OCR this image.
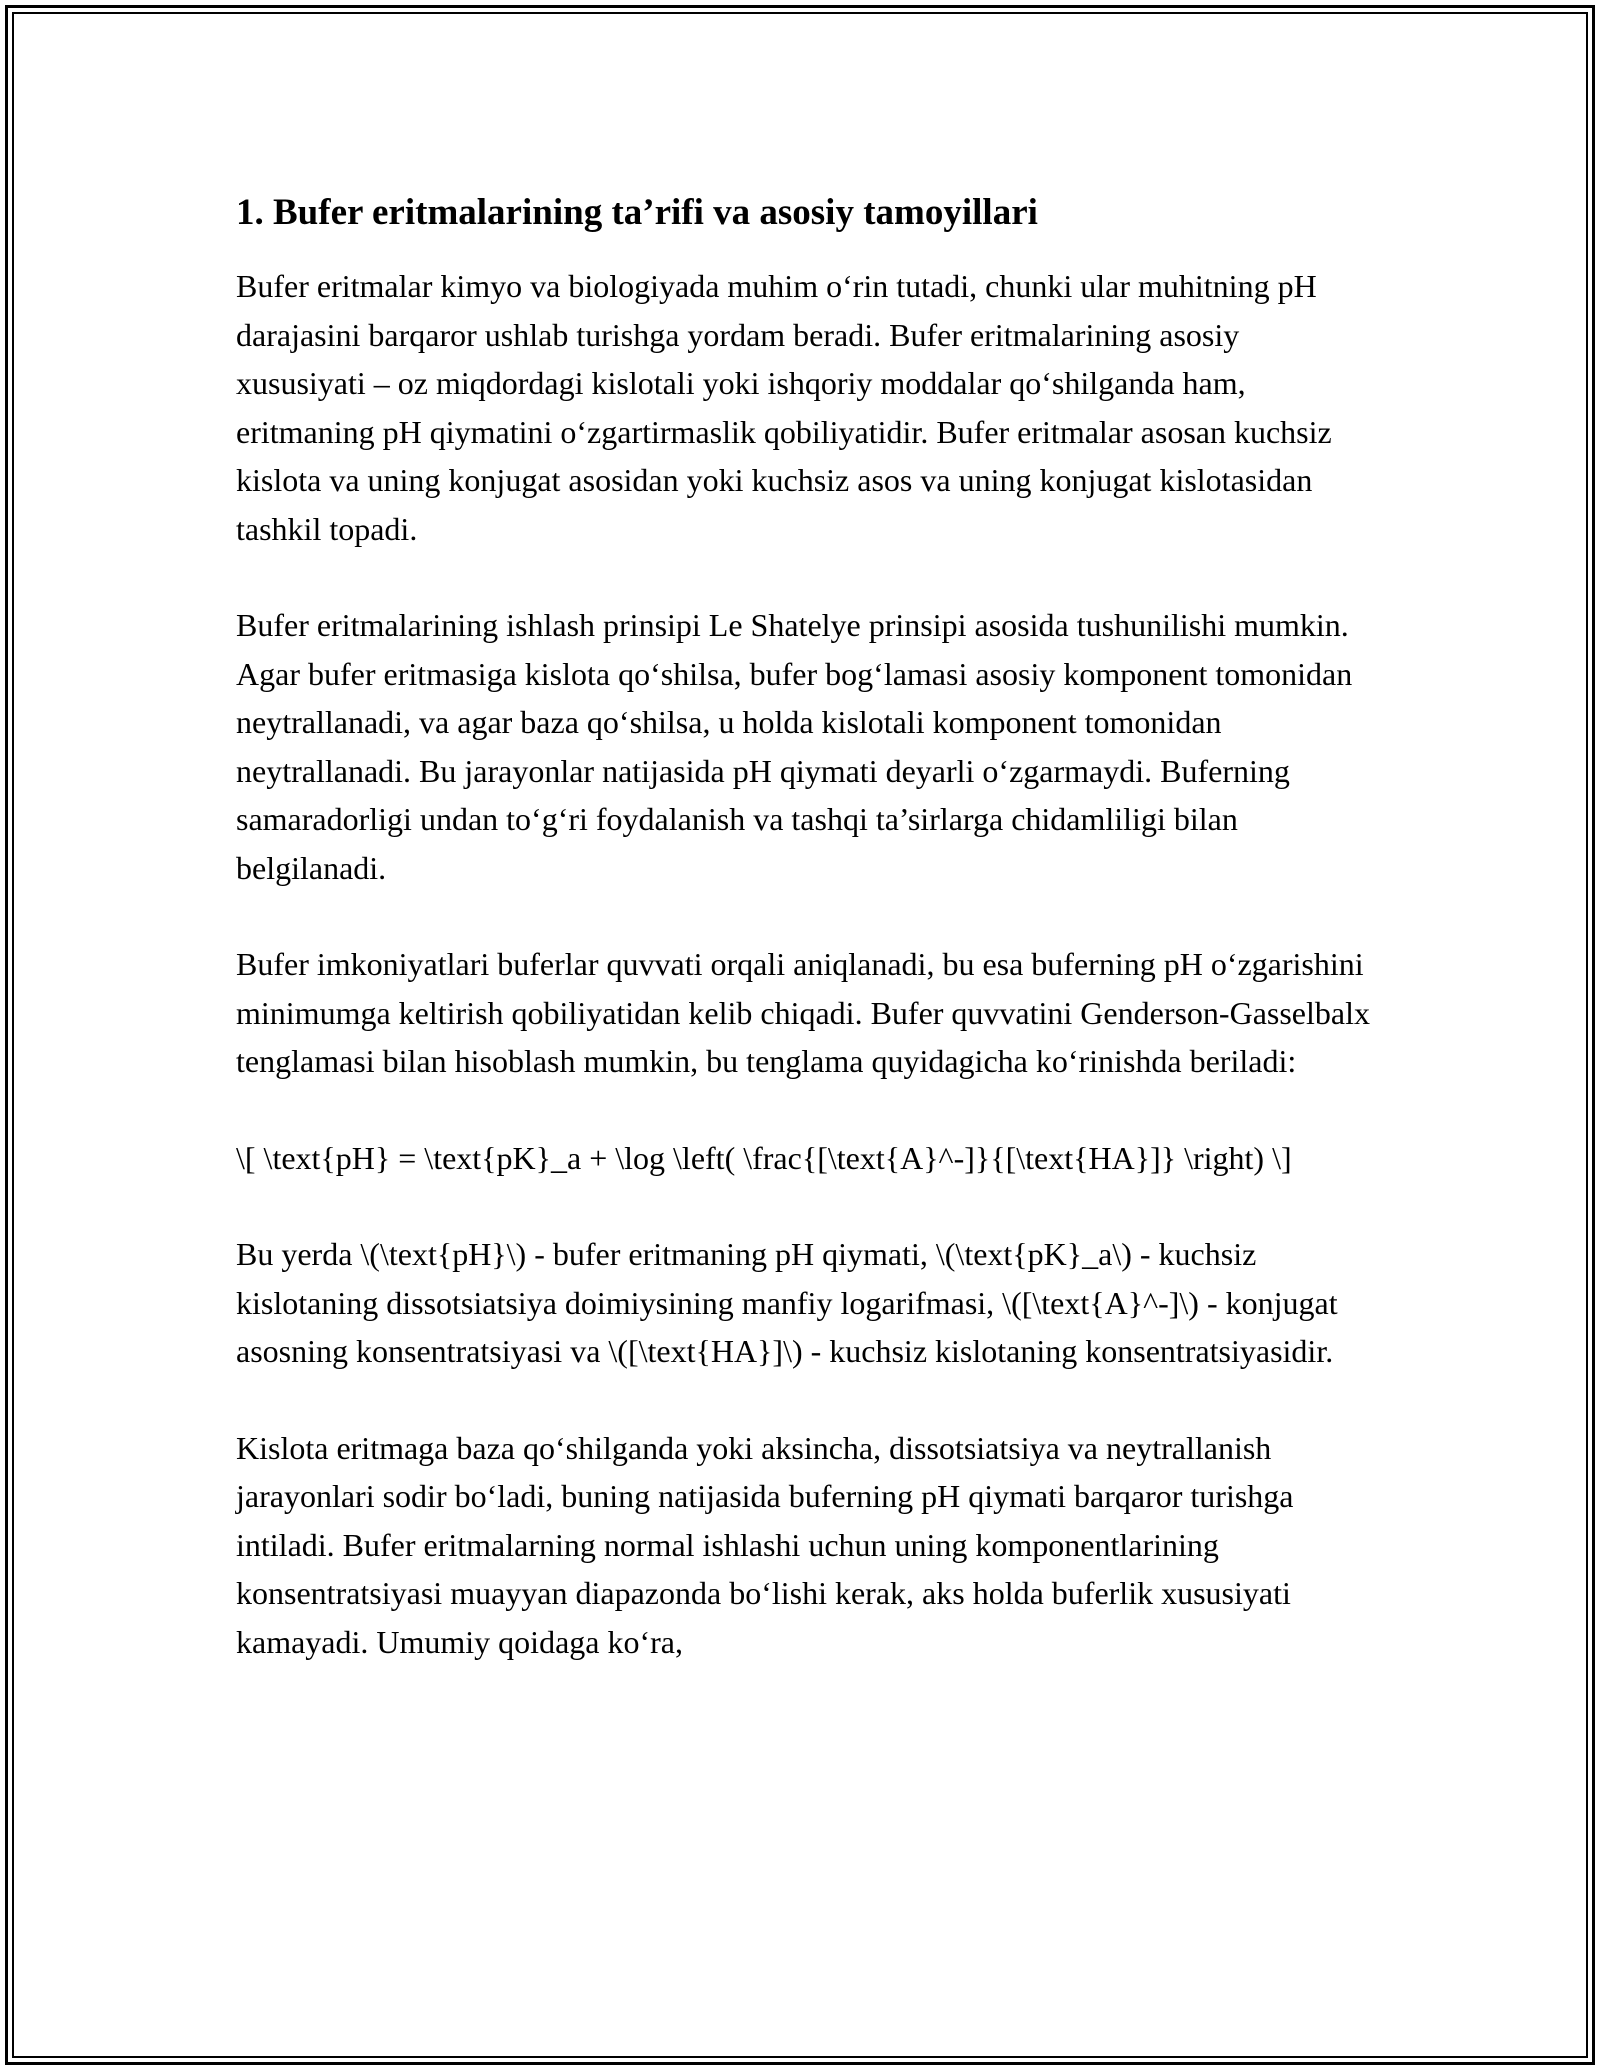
1. Bufer eritmalarining ta’rifi va asosiy tamoyillari

Bufer eritmalar kimyo va biologiyada muhim o‘rin tutadi, chunki ular muhitning pH darajasini barqaror ushlab turishga yordam beradi. Bufer eritmalarining asosiy xususiyati – oz miqdordagi kislotali yoki ishqoriy moddalar qo‘shilganda ham, eritmaning pH qiymatini o‘zgartirmaslik qobiliyatidir. Bufer eritmalar asosan kuchsiz kislota va uning konjugat asosidan yoki kuchsiz asos va uning konjugat kislotasidan tashkil topadi.

Bufer eritmalarining ishlash prinsipi Le Shatelye prinsipi asosida tushunilishi mumkin. Agar bufer eritmasiga kislota qo‘shilsa, bufer bog‘lamasi asosiy komponent tomonidan neytrallanadi, va agar baza qo‘shilsa, u holda kislotali komponent tomonidan neytrallanadi. Bu jarayonlar natijasida pH qiymati deyarli o‘zgarmaydi. Buferning samaradorligi undan to‘g‘ri foydalanish va tashqi ta’sirlarga chidamliligi bilan belgilanadi.

Bufer imkoniyatlari buferlar quvvati orqali aniqlanadi, bu esa buferning pH o‘zgarishini minimumga keltirish qobiliyatidan kelib chiqadi. Bufer quvvatini Genderson-Gasselbalx tenglamasi bilan hisoblash mumkin, bu tenglama quyidagicha ko‘rinishda beriladi:

\[ \text{pH} = \text{pK}_a + \log \left( \frac{[\text{A}^-]}{[\text{HA}]} \right) \]

Bu yerda \(\text{pH}\) - bufer eritmaning pH qiymati, \(\text{pK}_a\) - kuchsiz kislotaning dissotsiatsiya doimiysining manfiy logarifmasi, \([\text{A}^-]\) - konjugat asosning konsentratsiyasi va \([\text{HA}]\) - kuchsiz kislotaning konsentratsiyasidir.

Kislota eritmaga baza qo‘shilganda yoki aksincha, dissotsiatsiya va neytrallanish jarayonlari sodir bo‘ladi, buning natijasida buferning pH qiymati barqaror turishga intiladi. Bufer eritmalarning normal ishlashi uchun uning komponentlarining konsentratsiyasi muayyan diapazonda bo‘lishi kerak, aks holda buferlik xususiyati kamayadi. Umumiy qoidaga ko‘ra,
